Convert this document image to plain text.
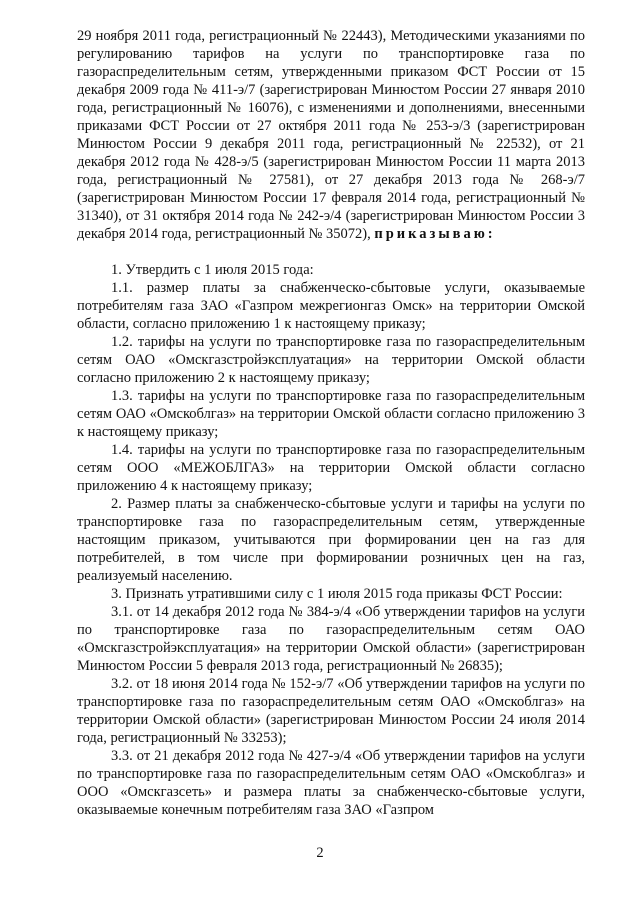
29 ноября 2011 года, регистрационный № 22443), Методическими указаниями по регулированию тарифов на услуги по транспортировке газа по газораспределительным сетям, утвержденными приказом ФСТ России от 15 декабря 2009 года № 411-э/7 (зарегистрирован Минюстом России 27 января 2010 года, регистрационный № 16076), с изменениями и дополнениями, внесенными приказами ФСТ России от 27 октября 2011 года № 253-э/3 (зарегистрирован Минюстом России 9 декабря 2011 года, регистрационный № 22532), от 21 декабря 2012 года № 428-э/5 (зарегистрирован Минюстом России 11 марта 2013 года, регистрационный № 27581), от 27 декабря 2013 года № 268-э/7 (зарегистрирован Минюстом России 17 февраля 2014 года, регистрационный № 31340), от 31 октября 2014 года № 242-э/4 (зарегистрирован Минюстом России 3 декабря 2014 года, регистрационный № 35072), приказываю:

1. Утвердить с 1 июля 2015 года:

1.1. размер платы за снабженческо-сбытовые услуги, оказываемые потребителям газа ЗАО «Газпром межрегионгаз Омск» на территории Омской области, согласно приложению 1 к настоящему приказу;

1.2. тарифы на услуги по транспортировке газа по газораспределительным сетям ОАО «Омскгазстройэксплуатация» на территории Омской области согласно приложению 2 к настоящему приказу;

1.3. тарифы на услуги по транспортировке газа по газораспределительным сетям ОАО «Омскоблгаз» на территории Омской области согласно приложению 3 к настоящему приказу;

1.4. тарифы на услуги по транспортировке газа по газораспределительным сетям ООО «МЕЖОБЛГАЗ» на территории Омской области согласно приложению 4 к настоящему приказу;

2. Размер платы за снабженческо-сбытовые услуги и тарифы на услуги по транспортировке газа по газораспределительным сетям, утвержденные настоящим приказом, учитываются при формировании цен на газ для потребителей, в том числе при формировании розничных цен на газ, реализуемый населению.

3. Признать утратившими силу с 1 июля 2015 года приказы ФСТ России:

3.1. от 14 декабря 2012 года № 384-э/4 «Об утверждении тарифов на услуги по транспортировке газа по газораспределительным сетям ОАО «Омскгазстройэксплуатация» на территории Омской области» (зарегистрирован Минюстом России 5 февраля 2013 года, регистрационный № 26835);

3.2. от 18 июня 2014 года № 152-э/7 «Об утверждении тарифов на услуги по транспортировке газа по газораспределительным сетям ОАО «Омскоблгаз» на территории Омской области» (зарегистрирован Минюстом России 24 июля 2014 года, регистрационный № 33253);

3.3. от 21 декабря 2012 года № 427-э/4 «Об утверждении тарифов на услуги по транспортировке газа по газораспределительным сетям ОАО «Омскоблгаз» и ООО «Омскгазсеть» и размера платы за снабженческо-сбытовые услуги, оказываемые конечным потребителям газа ЗАО «Газпром

2
